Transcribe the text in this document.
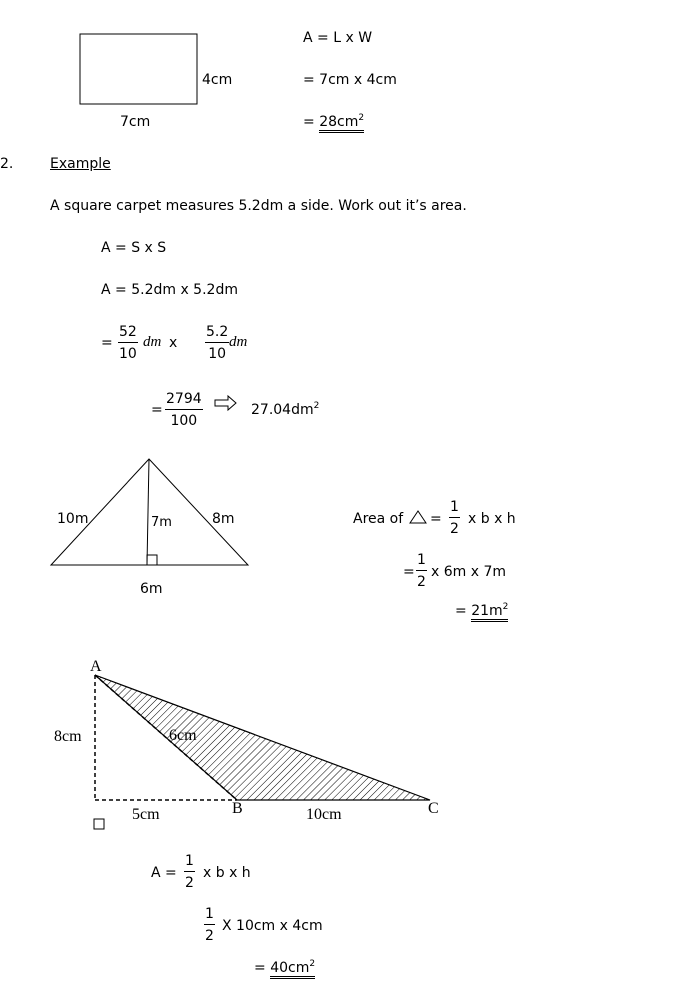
4cm
7cm
A = L x W
= 7cm x 4cm
= $28cm^2$
2.	Example
A square carpet measures 5.2dm a side. Work out it’s area.
A = S x S
A = 5.2dm x 5.2dm
= $\frac{52}{10}$ dm x $\frac{5.2}{10}$ dm
= $\frac{2794}{100}$	$27.04dm^2$
10m	7m	8m
6m
Area of = $\frac{1}{2}$ x b x h
= $\frac{1}{2}$ x 6m x 7m
= $21m^2$
A
8cm	6cm
B	C
5cm	10cm
$A = \frac{1}{2}$ x b x h
$\frac{1}{2}$ X 10cm x 4cm
= $40cm^2$
